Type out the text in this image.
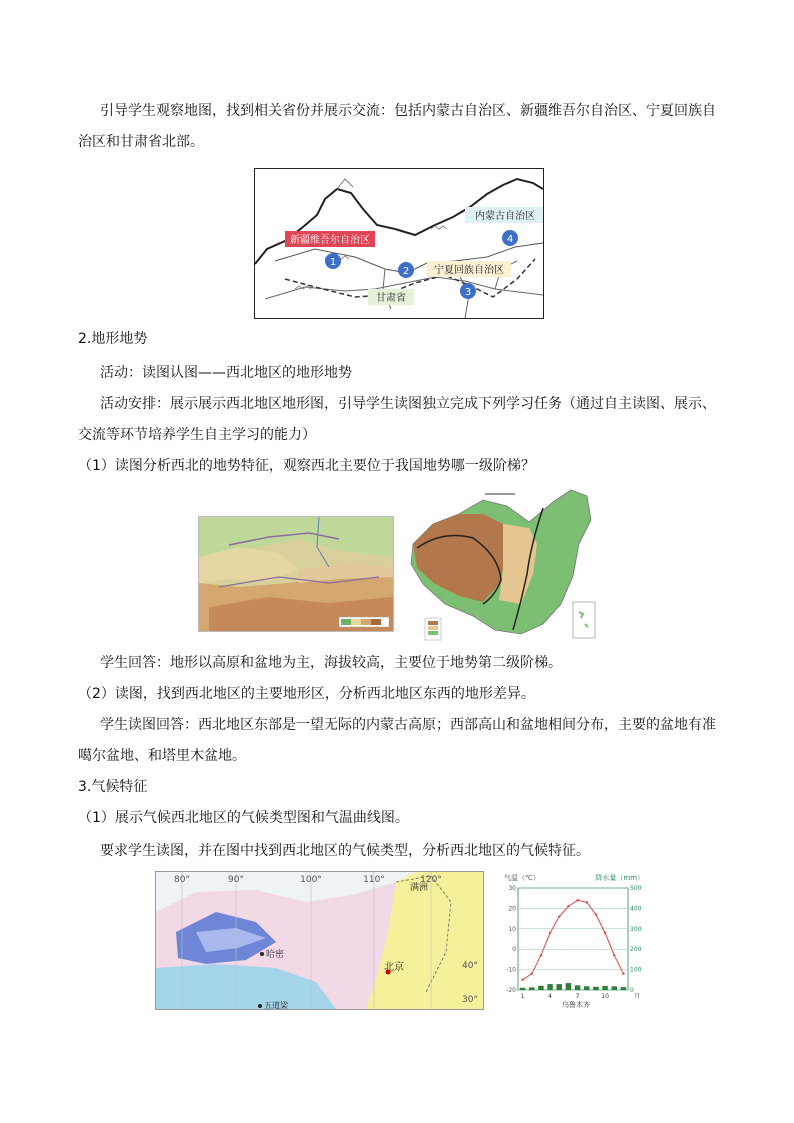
引导学生观察地图，找到相关省份并展示交流：包括内蒙古自治区、新疆维吾尔自治区、宁夏回族自
治区和甘肃省北部。
新疆维吾尔自治区
内蒙古自治区
宁夏回族自治区
甘肃省
1
2
3
4
2.地形地势
活动：读图认图——西北地区的地形地势
活动安排：展示展示西北地区地形图，引导学生读图独立完成下列学习任务（通过自主读图、展示、
交流等环节培养学生自主学习的能力）
（1）读图分析西北的地势特征，观察西北主要位于我国地势哪一级阶梯？
学生回答：地形以高原和盆地为主，海拔较高，主要位于地势第二级阶梯。
（2）读图，找到西北地区的主要地形区，分析西北地区东西的地形差异。
学生读图回答：西北地区东部是一望无际的内蒙古高原；西部高山和盆地相间分布，主要的盆地有准
噶尔盆地、和塔里木盆地。
3.气候特征
（1）展示气候西北地区的气候类型图和气温曲线图。
要求学生读图，并在图中找到西北地区的气候类型，分析西北地区的气候特征。
80°	90°	100°	110°	120°
40°
30°
哈密
北京
五道梁
满洲
气温（℃）	降水量（mm）
乌鲁木齐
月
-20
-10
0
10
20
30
0
100
200
300
400
500
1	4	7	10
